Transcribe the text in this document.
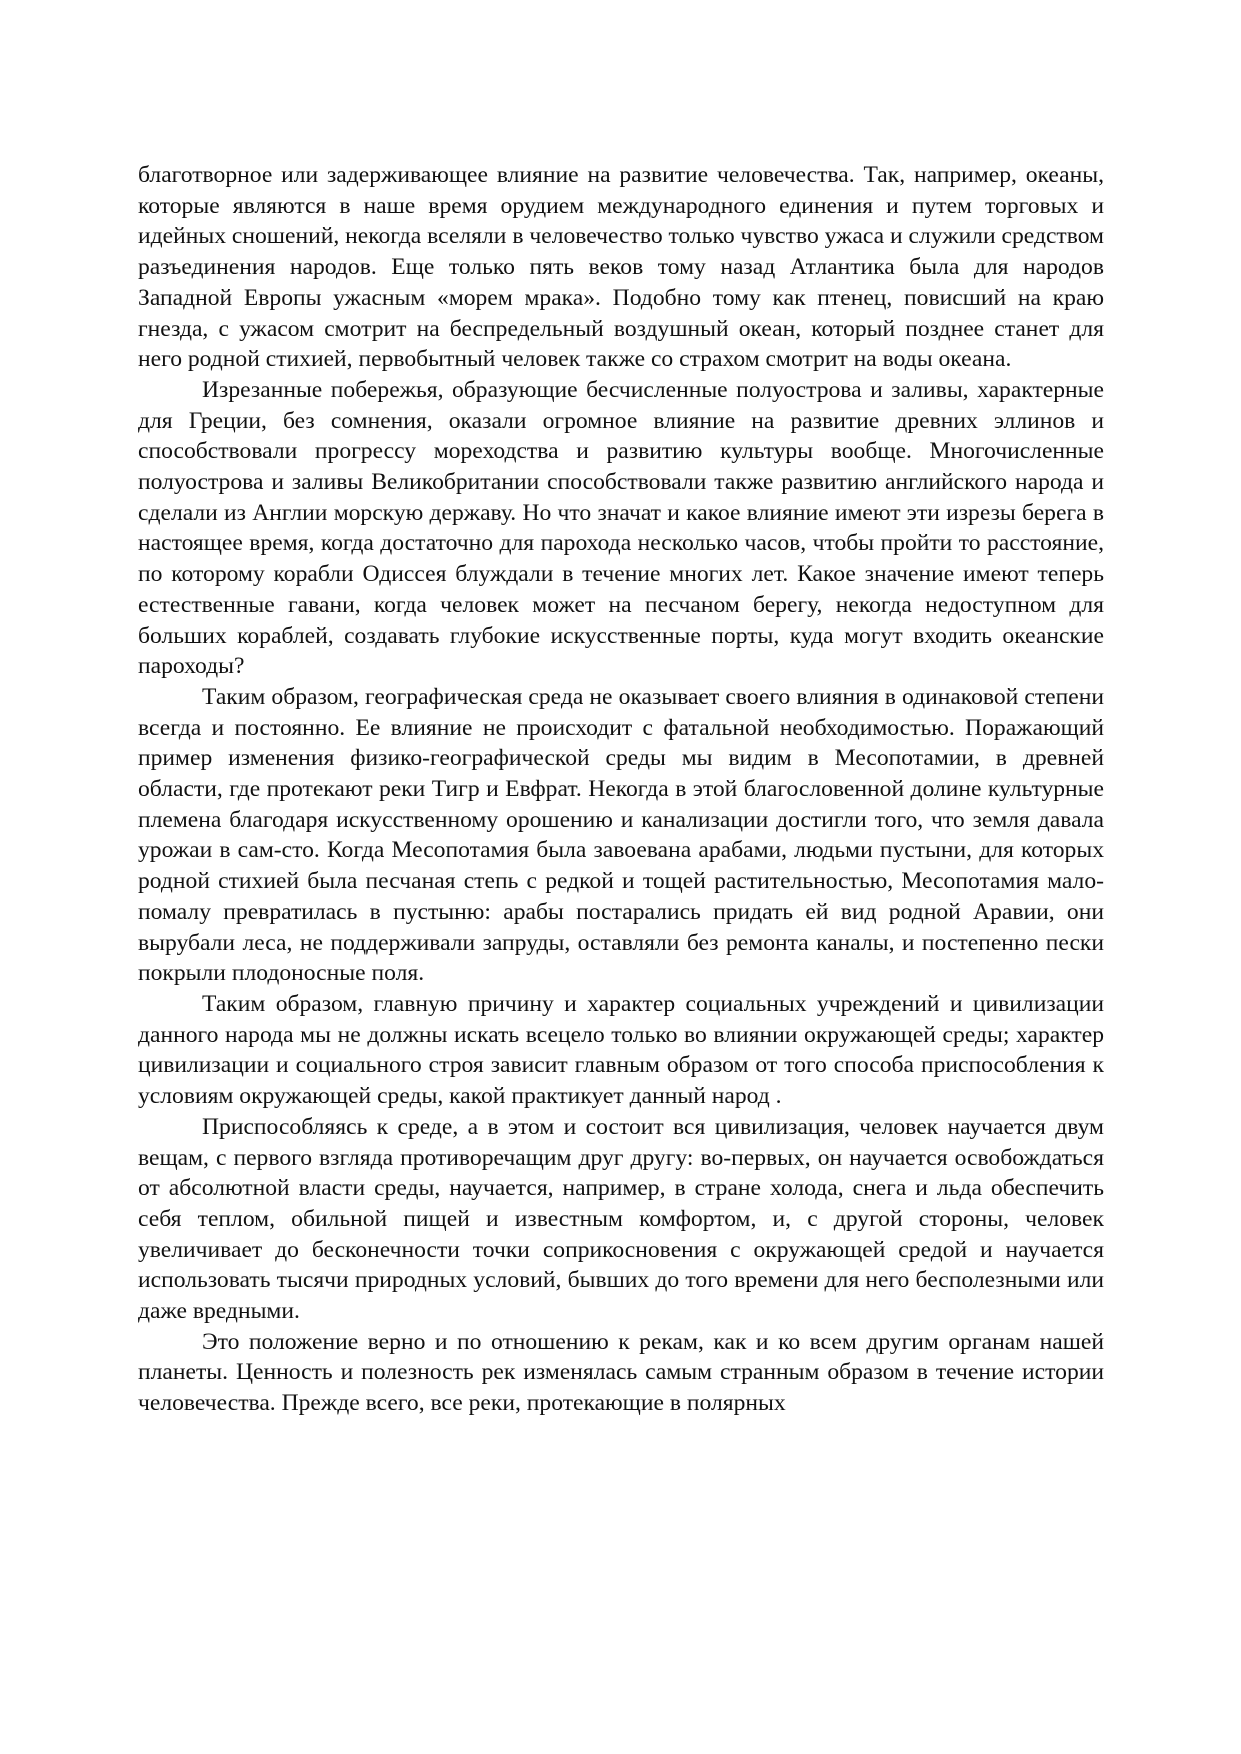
благотворное или задерживающее влияние на развитие человечества. Так, например, океаны, которые являются в наше время орудием международного единения и путем торговых и идейных сношений, некогда вселяли в человечество только чувство ужаса и служили средством разъединения народов. Еще только пять веков тому назад Атлантика была для народов Западной Европы ужасным «морем мрака». Подобно тому как птенец, повисший на краю гнезда, с ужасом смотрит на беспредельный воздушный океан, который позднее станет для него родной стихией, первобытный человек также со страхом смотрит на воды океана.

Изрезанные побережья, образующие бесчисленные полуострова и заливы, характерные для Греции, без сомнения, оказали огромное влияние на развитие древних эллинов и способствовали прогрессу мореходства и развитию культуры вообще. Многочисленные полуострова и заливы Великобритании способствовали также развитию английского народа и сделали из Англии морскую державу. Но что значат и какое влияние имеют эти изрезы берега в настоящее время, когда достаточно для парохода несколько часов, чтобы пройти то расстояние, по которому корабли Одиссея блуждали в течение многих лет. Какое значение имеют теперь естественные гавани, когда человек может на песчаном берегу, некогда недоступном для больших кораблей, создавать глубокие искусственные порты, куда могут входить океанские пароходы?

Таким образом, географическая среда не оказывает своего влияния в одинаковой степени всегда и постоянно. Ее влияние не происходит с фатальной необходимостью. Поражающий пример изменения физико-географической среды мы видим в Месопотамии, в древней области, где протекают реки Тигр и Евфрат. Некогда в этой благословенной долине культурные племена благодаря искусственному орошению и канализации достигли того, что земля давала урожаи в сам-сто. Когда Месопотамия была завоевана арабами, людьми пустыни, для которых родной стихией была песчаная степь с редкой и тощей растительностью, Месопотамия мало-помалу превратилась в пустыню: арабы постарались придать ей вид родной Аравии, они вырубали леса, не поддерживали запруды, оставляли без ремонта каналы, и постепенно пески покрыли плодоносные поля.

Таким образом, главную причину и характер социальных учреждений и цивилизации данного народа мы не должны искать всецело только во влиянии окружающей среды; характер цивилизации и социального строя зависит главным образом от того способа приспособления к условиям окружающей среды, какой практикует данный народ .

Приспособляясь к среде, а в этом и состоит вся цивилизация, человек научается двум вещам, с первого взгляда противоречащим друг другу: во-первых, он научается освобождаться от абсолютной власти среды, научается, например, в стране холода, снега и льда обеспечить себя теплом, обильной пищей и известным комфортом, и, с другой стороны, человек увеличивает до бесконечности точки соприкосновения с окружающей средой и научается использовать тысячи природных условий, бывших до того времени для него бесполезными или даже вредными.

Это положение верно и по отношению к рекам, как и ко всем другим органам нашей планеты. Ценность и полезность рек изменялась самым странным образом в течение истории человечества. Прежде всего, все реки, протекающие в полярных
